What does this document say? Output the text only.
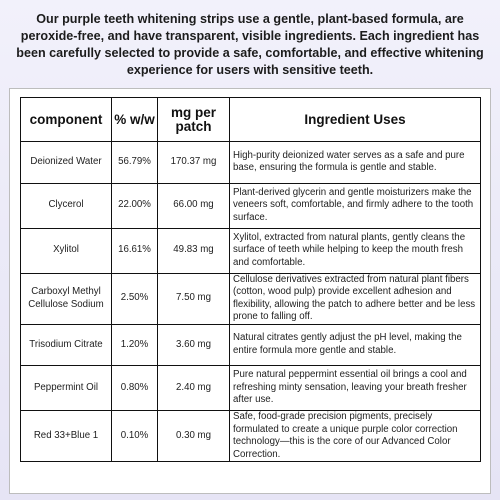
Our purple teeth whitening strips use a gentle, plant-based formula, are peroxide-free, and have transparent, visible ingredients. Each ingredient has been carefully selected to provide a safe, comfortable, and effective whitening experience for users with sensitive teeth.
component	% w/w	mg per patch	Ingredient Uses
Deionized Water	56.79%	170.37 mg	High-purity deionized water serves as a safe and pure base, ensuring the formula is gentle and stable.
Clycerol	22.00%	66.00 mg	Plant-derived glycerin and gentle moisturizers make the veneers soft, comfortable, and firmly adhere to the tooth surface.
Xylitol	16.61%	49.83 mg	Xylitol, extracted from natural plants, gently cleans the surface of teeth while helping to keep the mouth fresh and comfortable.
Carboxyl Methyl Cellulose Sodium	2.50%	7.50 mg	Cellulose derivatives extracted from natural plant fibers (cotton, wood pulp) provide excellent adhesion and flexibility, allowing the patch to adhere better and be less prone to falling off.
Trisodium Citrate	1.20%	3.60 mg	Natural citrates gently adjust the pH level, making the entire formula more gentle and stable.
Peppermint Oil	0.80%	2.40 mg	Pure natural peppermint essential oil brings a cool and refreshing minty sensation, leaving your breath fresher after use.
Red 33+Blue 1	0.10%	0.30 mg	Safe, food-grade precision pigments, precisely formulated to create a unique purple color correction technology—this is the core of our Advanced Color Correction.
